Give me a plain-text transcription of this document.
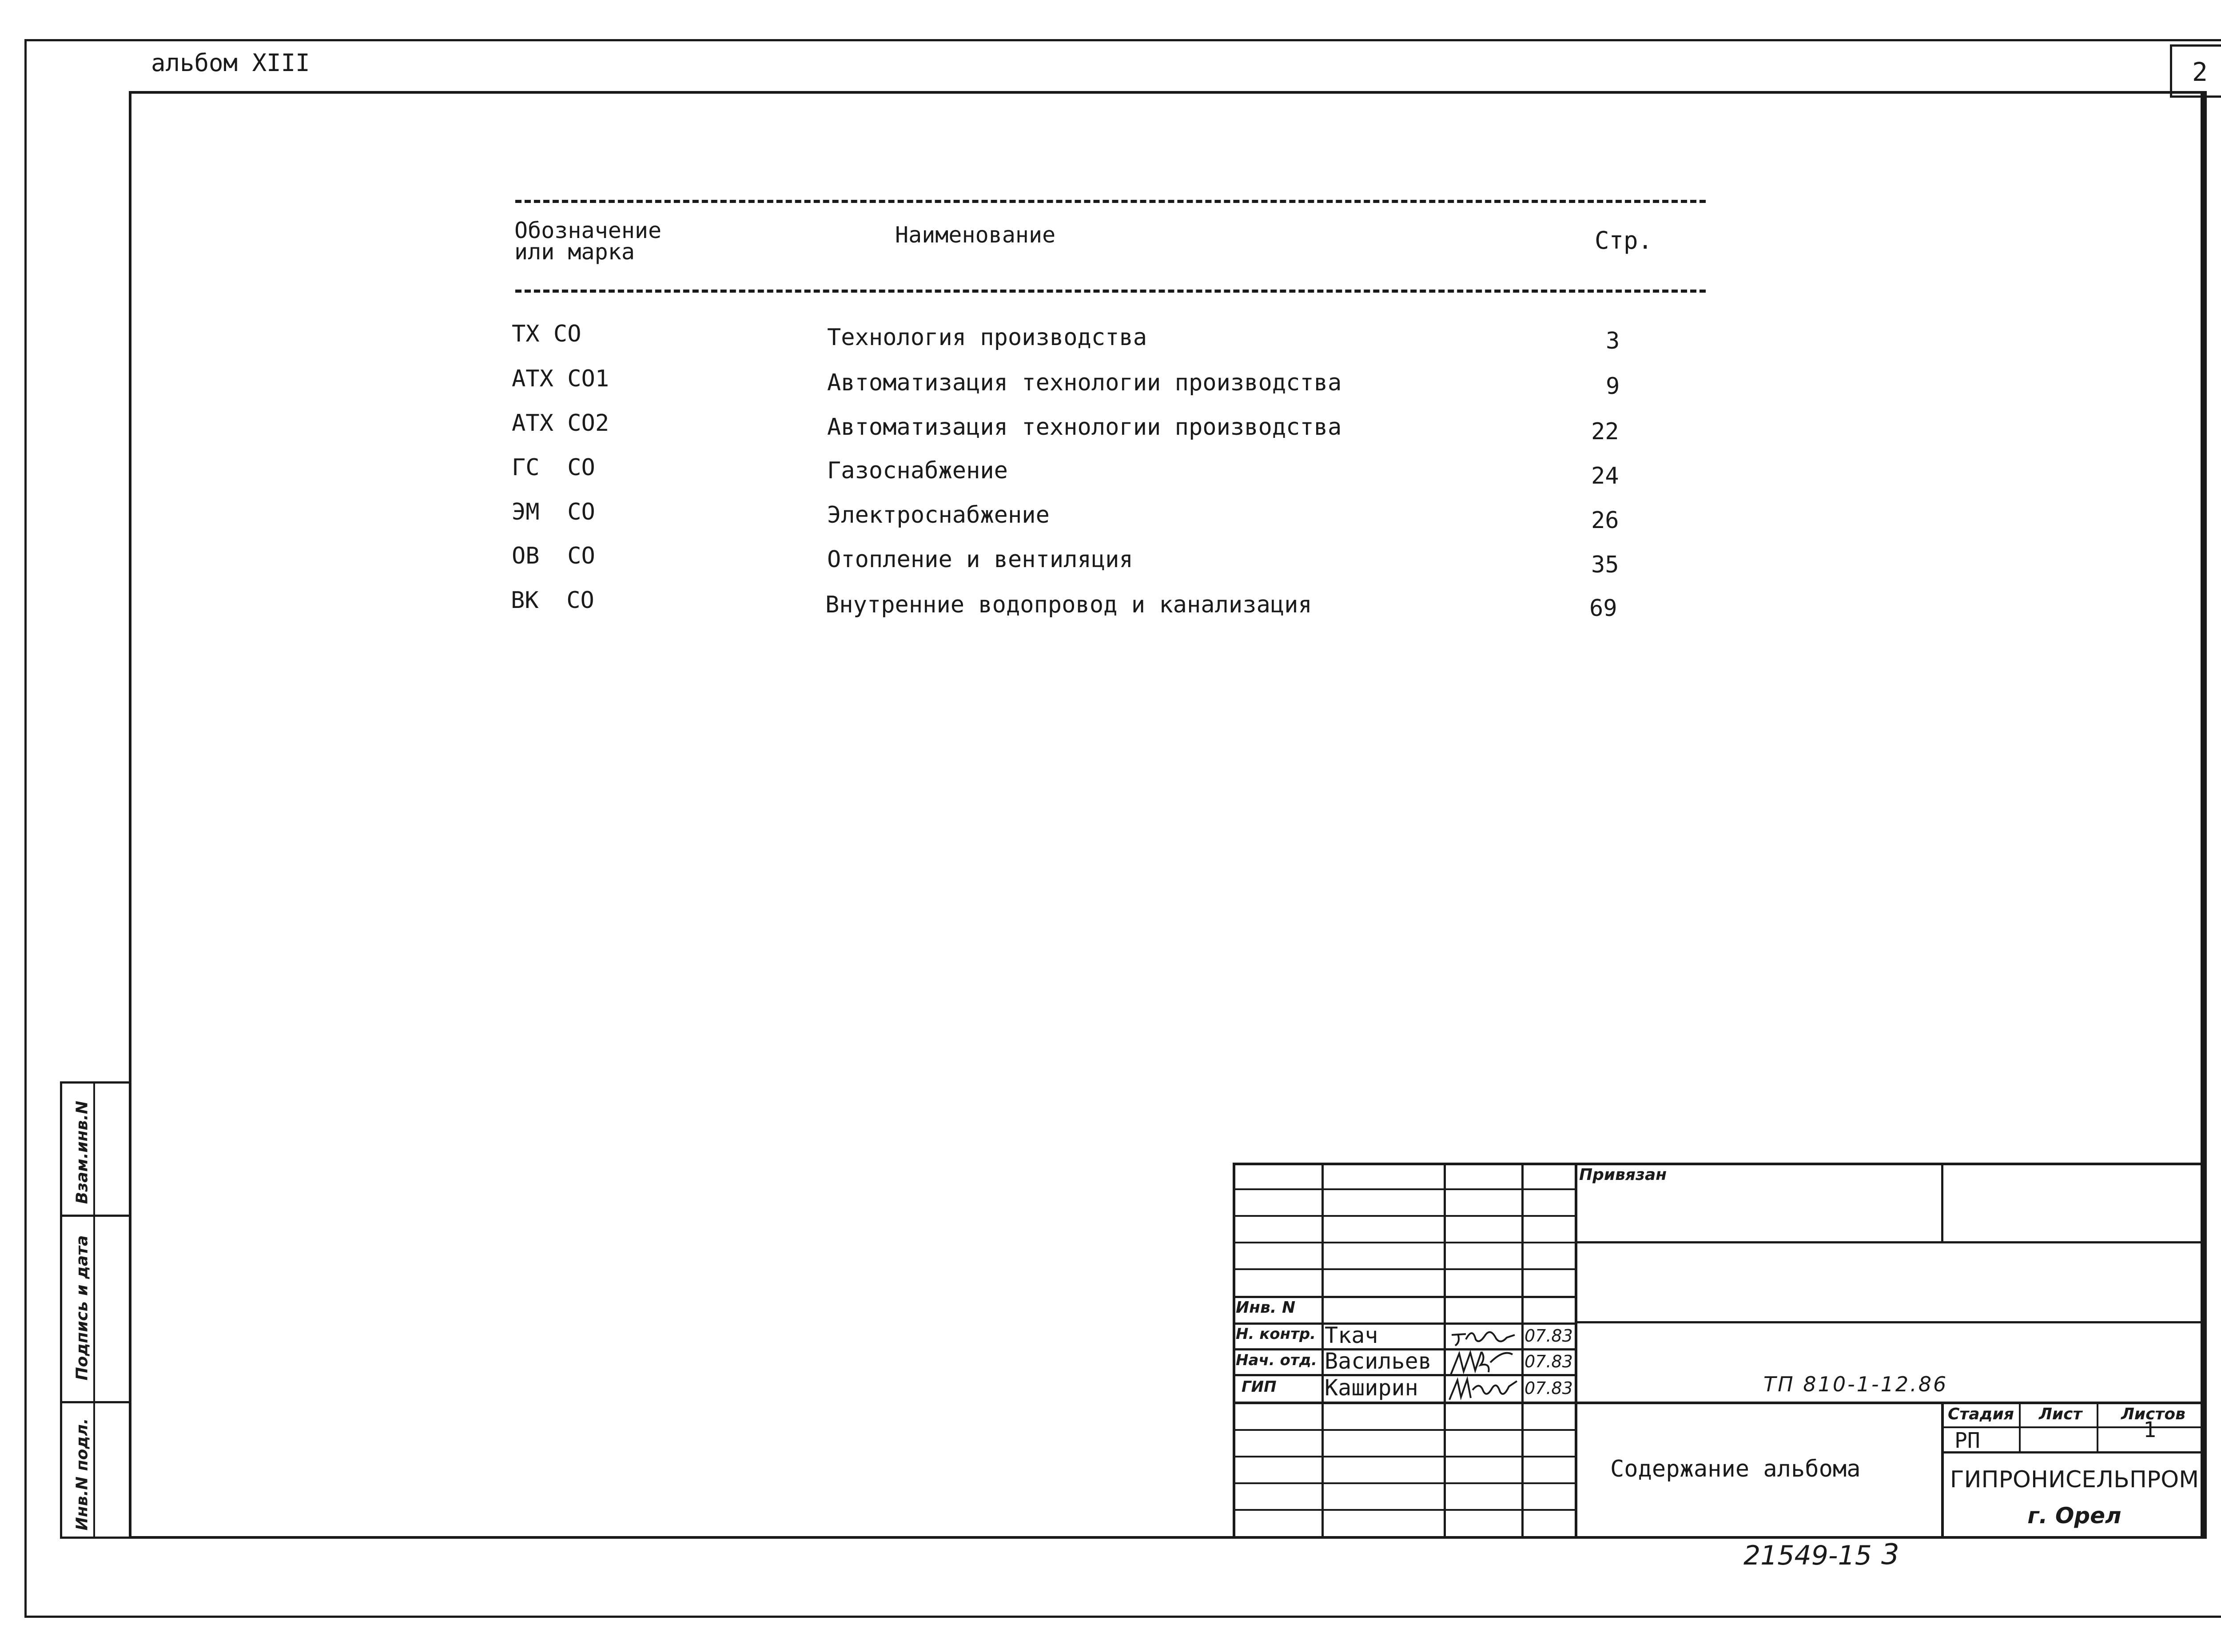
альбом XIII	2
Взам.инв.N
Подпись и дата
Инв.N подл.
Обозначение
или марка
Наименование	Стр.
ТХ СО	Технология производства	3
АТХ СО1	Автоматизация технологии производства	9
АТХ СО2	Автоматизация технологии производства	22
ГС  СО	Газоснабжение	24
ЭМ  СО	Электроснабжение	26
ОВ  СО	Отопление и вентиляция	35
ВК  СО	Внутренние водопровод и канализация	69
Привязан
Инв. N
Н. контр. Ткач	07.83
Нач. отд. Васильев	07.83
ГИП Каширин	07.83	ТП 810-1-12.86
Содержание альбома
Стадия Лист Листов
РП	1
ГИПРОНИСЕЛЬПРОМ
г. Орел
21549-15 3
